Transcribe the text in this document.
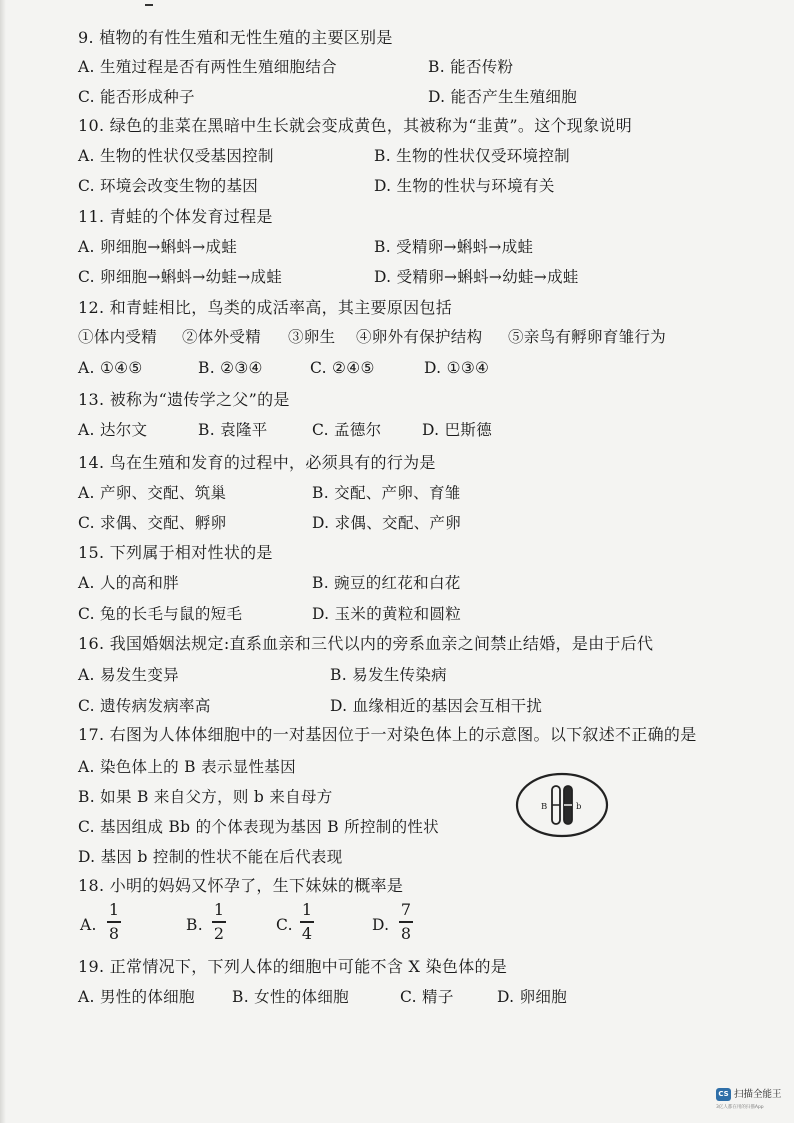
9. 植物的有性生殖和无性生殖的主要区别是
A. 生殖过程是否有两性生殖细胞结合	B. 能否传粉
C. 能否形成种子	D. 能否产生生殖细胞
10. 绿色的韭菜在黑暗中生长就会变成黄色，其被称为“韭黄”。这个现象说明
A. 生物的性状仅受基因控制	B. 生物的性状仅受环境控制
C. 环境会改变生物的基因	D. 生物的性状与环境有关
11. 青蛙的个体发育过程是
A. 卵细胞→蝌蚪→成蛙	B. 受精卵→蝌蚪→成蛙
C. 卵细胞→蝌蚪→幼蛙→成蛙	D. 受精卵→蝌蚪→幼蛙→成蛙
12. 和青蛙相比，鸟类的成活率高，其主要原因包括
①体内受精 ②体外受精 ③卵生 ④卵外有保护结构 ⑤亲鸟有孵卵育雏行为
A. ①④⑤	B. ②③④	C. ②④⑤	D. ①③④
13. 被称为“遗传学之父”的是
A. 达尔文	B. 袁隆平	C. 孟德尔	D. 巴斯德
14. 鸟在生殖和发育的过程中，必须具有的行为是
A. 产卵、交配、筑巢	B. 交配、产卵、育雏
C. 求偶、交配、孵卵	D. 求偶、交配、产卵
15. 下列属于相对性状的是
A. 人的高和胖	B. 豌豆的红花和白花
C. 兔的长毛与鼠的短毛	D. 玉米的黄粒和圆粒
16. 我国婚姻法规定:直系血亲和三代以内的旁系血亲之间禁止结婚，是由于后代
A. 易发生变异	B. 易发生传染病
C. 遗传病发病率高	D. 血缘相近的基因会互相干扰
17. 右图为人体体细胞中的一对基因位于一对染色体上的示意图。以下叙述不正确的是
A. 染色体上的 B 表示显性基因
B. 如果 B 来自父方，则 b 来自母方
C. 基因组成 Bb 的个体表现为基因 B 所控制的性状
D. 基因 b 控制的性状不能在后代表现
B	b
18. 小明的妈妈又怀孕了，生下妹妹的概率是
A.
1
8	B.
1
2	C.
1
4	D.
7
8
19. 正常情况下，下列人体的细胞中可能不含 X 染色体的是
A. 男性的体细胞 B. 女性的体细胞	C. 精子	D. 卵细胞
CS 扫描全能王
3亿人都在用的扫描App
